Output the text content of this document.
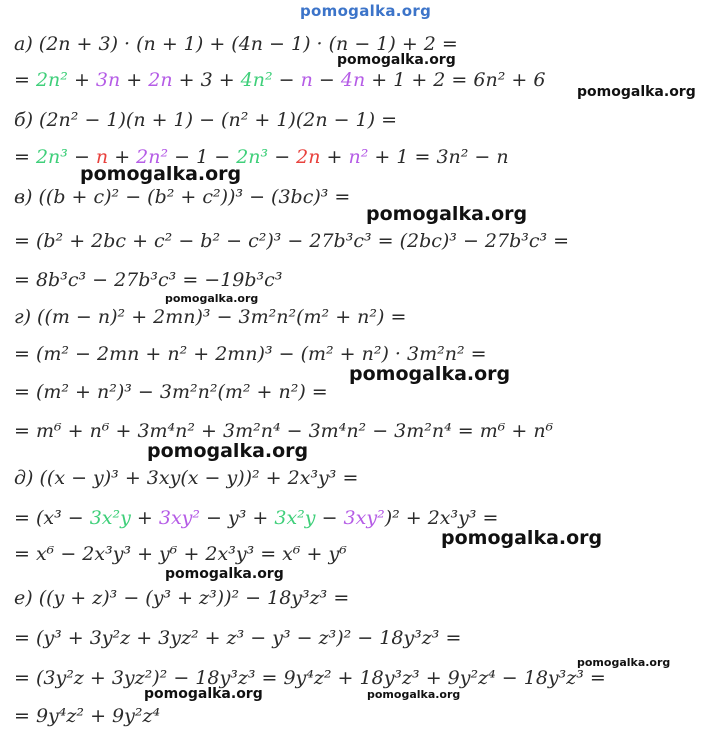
pomogalka.org
а) (2n + 3) · (n + 1) + (4n − 1) · (n − 1) + 2 =
= 2n² + 3n + 2n + 3 + 4n² − n − 4n + 1 + 2 = 6n² + 6
б) (2n² − 1)(n + 1) − (n² + 1)(2n − 1) =
= 2n³ − n + 2n² − 1 − 2n³ − 2n + n² + 1 = 3n² − n
в) ((b + c)² − (b² + c²))³ − (3bc)³ =
= (b² + 2bc + c² − b² − c²)³ − 27b³c³ = (2bc)³ − 27b³c³ =
= 8b³c³ − 27b³c³ = −19b³c³
г) ((m − n)² + 2mn)³ − 3m²n²(m² + n²) =
= (m² − 2mn + n² + 2mn)³ − (m² + n²) · 3m²n² =
= (m² + n²)³ − 3m²n²(m² + n²) =
= m⁶ + n⁶ + 3m⁴n² + 3m²n⁴ − 3m⁴n² − 3m²n⁴ = m⁶ + n⁶
д) ((x − y)³ + 3xy(x − y))² + 2x³y³ =
= (x³ − 3x²y + 3xy² − y³ + 3x²y − 3xy²)² + 2x³y³ =
= x⁶ − 2x³y³ + y⁶ + 2x³y³ = x⁶ + y⁶
е) ((y + z)³ − (y³ + z³))² − 18y³z³ =
= (y³ + 3y²z + 3yz² + z³ − y³ − z³)² − 18y³z³ =
= (3y²z + 3yz²)² − 18y³z³ = 9y⁴z² + 18y³z³ + 9y²z⁴ − 18y³z³ =
= 9y⁴z² + 9y²z⁴
pomogalka.org
pomogalka.org
pomogalka.org
pomogalka.org
pomogalka.org
pomogalka.org
pomogalka.org
pomogalka.org
pomogalka.org
pomogalka.org
pomogalka.org	pomogalka.org
